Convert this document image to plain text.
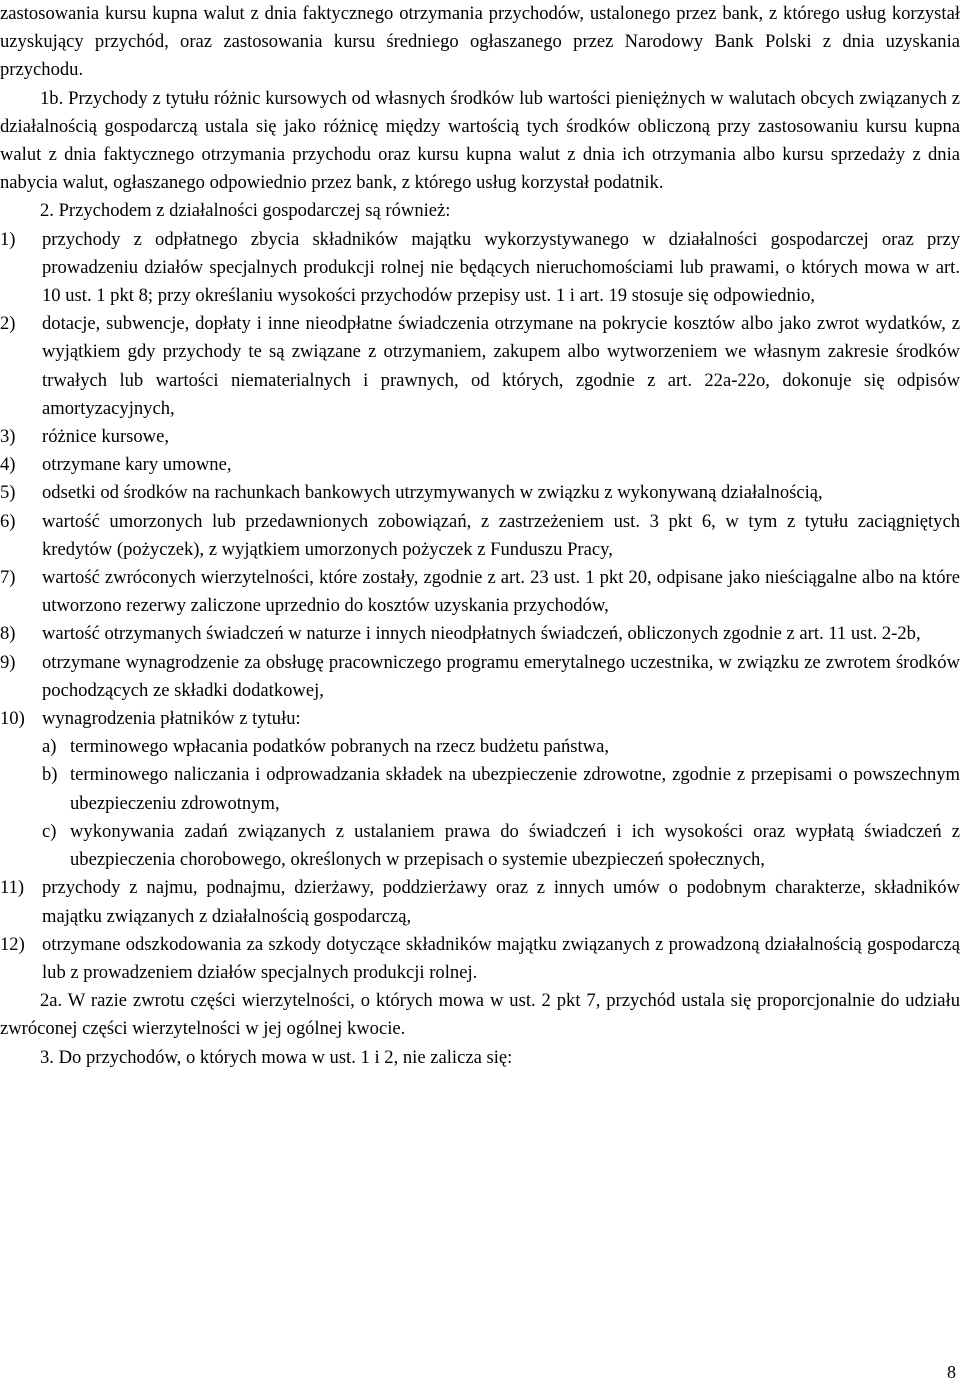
zastosowania kursu kupna walut z dnia faktycznego otrzymania przychodów, ustalonego przez bank, z którego usług korzystał uzyskujący przychód, oraz zastosowania kursu średniego ogłaszanego przez Narodowy Bank Polski z dnia uzyskania przychodu.

1b. Przychody z tytułu różnic kursowych od własnych środków lub wartości pieniężnych w walutach obcych związanych z działalnością gospodarczą ustala się jako różnicę między wartością tych środków obliczoną przy zastosowaniu kursu kupna walut z dnia faktycznego otrzymania przychodu oraz kursu kupna walut z dnia ich otrzymania albo kursu sprzedaży z dnia nabycia walut, ogłaszanego odpowiednio przez bank, z którego usług korzystał podatnik.

2. Przychodem z działalności gospodarczej są również:

1)	przychody z odpłatnego zbycia składników majątku wykorzystywanego w działalności gospodarczej oraz przy prowadzeniu działów specjalnych produkcji rolnej nie będących nieruchomościami lub prawami, o których mowa w art. 10 ust. 1 pkt 8; przy określaniu wysokości przychodów przepisy ust. 1 i art. 19 stosuje się odpowiednio,
2)	dotacje, subwencje, dopłaty i inne nieodpłatne świadczenia otrzymane na pokrycie kosztów albo jako zwrot wydatków, z wyjątkiem gdy przychody te są związane z otrzymaniem, zakupem albo wytworzeniem we własnym zakresie środków trwałych lub wartości niematerialnych i prawnych, od których, zgodnie z art. 22a-22o, dokonuje się odpisów amortyzacyjnych,
3)	różnice kursowe,
4)	otrzymane kary umowne,
5)	odsetki od środków na rachunkach bankowych utrzymywanych w związku z wykonywaną działalnością,
6)	wartość umorzonych lub przedawnionych zobowiązań, z zastrzeżeniem ust. 3 pkt 6, w tym z tytułu zaciągniętych kredytów (pożyczek), z wyjątkiem umorzonych pożyczek z Funduszu Pracy,
7)	wartość zwróconych wierzytelności, które zostały, zgodnie z art. 23 ust. 1 pkt 20, odpisane jako nieściągalne albo na które utworzono rezerwy zaliczone uprzednio do kosztów uzyskania przychodów,
8)	wartość otrzymanych świadczeń w naturze i innych nieodpłatnych świadczeń, obliczonych zgodnie z art. 11 ust. 2-2b,
9)	otrzymane wynagrodzenie za obsługę pracowniczego programu emerytalnego uczestnika, w związku ze zwrotem środków pochodzących ze składki dodatkowej,
10) wynagrodzenia płatników z tytułu:
a) terminowego wpłacania podatków pobranych na rzecz budżetu państwa,
b) terminowego naliczania i odprowadzania składek na ubezpieczenie zdrowotne, zgodnie z przepisami o powszechnym ubezpieczeniu zdrowotnym,
c) wykonywania zadań związanych z ustalaniem prawa do świadczeń i ich wysokości oraz wypłatą świadczeń z ubezpieczenia chorobowego, określonych w przepisach o systemie ubezpieczeń społecznych,
11) przychody z najmu, podnajmu, dzierżawy, poddzierżawy oraz z innych umów o podobnym charakterze, składników majątku związanych z działalnością gospodarczą,
12) otrzymane odszkodowania za szkody dotyczące składników majątku związanych z prowadzoną działalnością gospodarczą lub z prowadzeniem działów specjalnych produkcji rolnej.

2a. W razie zwrotu części wierzytelności, o których mowa w ust. 2 pkt 7, przychód ustala się proporcjonalnie do udziału zwróconej części wierzytelności w jej ogólnej kwocie.

3. Do przychodów, o których mowa w ust. 1 i 2, nie zalicza się:

8
